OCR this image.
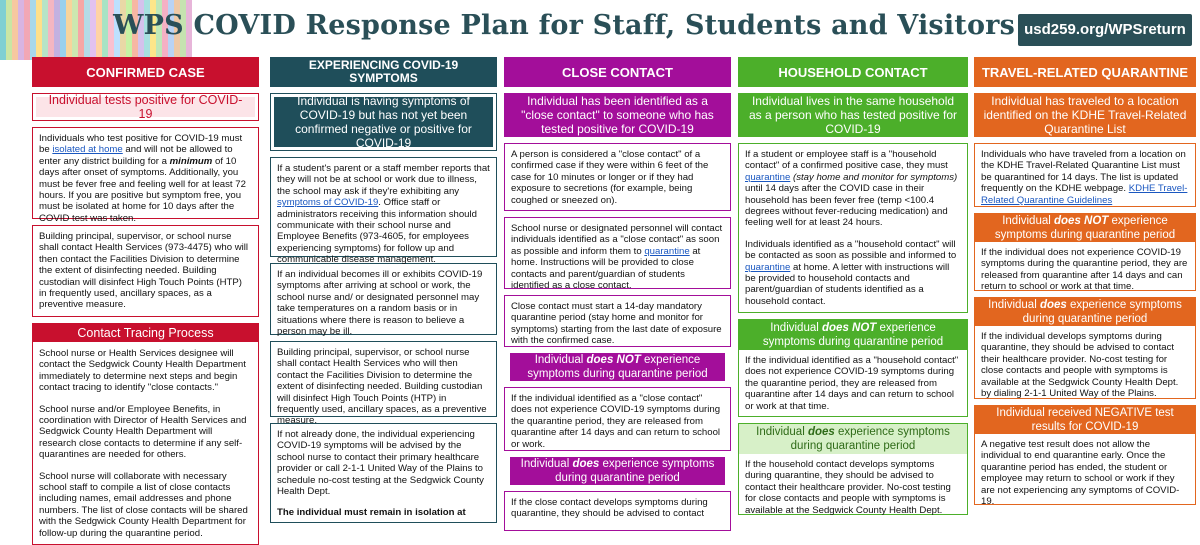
WPS COVID Response Plan for Staff, Students and Visitors usd259.org/WPSreturn
CONFIRMED CASE
Individual tests positive for COVID-19
Individuals who test positive for COVID-19 must be isolated at home and will not be allowed to enter any district building for a minimum of 10 days after onset of symptoms. Additionally, you must be fever free and feeling well for at least 72 hours. If you are positive but symptom free, you must be isolated at home for 10 days after the COVID test was taken.
Building principal, supervisor, or school nurse shall contact Health Services (973-4475) who will then contact the Facilities Division to determine the extent of disinfecting needed. Building custodian will disinfect High Touch Points (HTP) in frequently used, ancillary spaces, as a preventive measure.
Contact Tracing Process

School nurse or Health Services designee will contact the Sedgwick County Health Department immediately to determine next steps and begin contact tracing to identify "close contacts."

School nurse and/or Employee Benefits, in coordination with Director of Health Services and Sedgwick County Health Department will research close contacts to determine if any self-quarantines are needed for others.

School nurse will collaborate with necessary school staff to compile a list of close contacts including names, email addresses and phone numbers. The list of close contacts will be shared with the Sedgwick County Health Department for follow-up during the quarantine period.

EXPERIENCING COVID-19 SYMPTOMS
Individual is having symptoms of COVID-19 but has not yet been confirmed negative or positive for COVID-19
If a student's parent or a staff member reports that they will not be at school or work due to illness, the school may ask if they're exhibiting any symptoms of COVID-19. Office staff or administrators receiving this information should communicate with their school nurse and Employee Benefits (973-4605, for employees experiencing symptoms) for follow up and communicable disease management.
If an individual becomes ill or exhibits COVID-19 symptoms after arriving at school or work, the school nurse and/ or designated personnel may take temperatures on a random basis or in situations where there is reason to believe a person may be ill.
Building principal, supervisor, or school nurse shall contact Health Services who will then contact the Facilities Division to determine the extent of disinfecting needed. Building custodian will disinfect High Touch Points (HTP) in frequently used, ancillary spaces, as a preventive measure.

If not already done, the individual experiencing COVID-19 symptoms will be advised by the school nurse to contact their primary healthcare provider or call 2-1-1 United Way of the Plains to schedule no-cost testing at the Sedgwick County Health Dept.

The individual must remain in isolation at

CLOSE CONTACT
Individual has been identified as a "close contact" to someone who has tested positive for COVID-19
A person is considered a "close contact" of a confirmed case if they were within 6 feet of the case for 10 minutes or longer or if they had exposure to secretions (for example, being coughed or sneezed on).
School nurse or designated personnel will contact individuals identified as a "close contact" as soon as possible and inform them to quarantine at home. Instructions will be provided to close contacts and parent/guardian of students identified as a close contact.
Close contact must start a 14-day mandatory quarantine period (stay home and monitor for symptoms) starting from the last date of exposure with the confirmed case.
Individual does NOT experience symptoms during quarantine period
If the individual identified as a "close contact" does not experience COVID-19 symptoms during the quarantine period, they are released from quarantine after 14 days and can return to school or work.
Individual does experience symptoms during quarantine period
If the close contact develops symptoms during quarantine, they should be advised to contact
HOUSEHOLD CONTACT
Individual lives in the same household as a person who has tested positive for COVID-19

If a student or employee staff is a "household contact" of a confirmed positive case, they must quarantine (stay home and monitor for symptoms) until 14 days after the COVID case in their household has been fever free (temp <100.4 degrees without fever-reducing medication) and feeling well for at least 24 hours.

Individuals identified as a "household contact" will be contacted as soon as possible and informed to quarantine at home. A letter with instructions will be provided to household contacts and parent/guardian of students identified as a household contact.

Individual does NOT experience symptoms during quarantine period
If the individual identified as a "household contact" does not experience COVID-19 symptoms during the quarantine period, they are released from quarantine after 14 days and can return to school or work at that time.
Individual does experience symptoms during quarantine period
If the household contact develops symptoms during quarantine, they should be advised to contact their healthcare provider. No-cost testing for close contacts and people with symptoms is available at the Sedgwick County Health Dept.
TRAVEL-RELATED QUARANTINE
Individual has traveled to a location identified on the KDHE Travel-Related Quarantine List
Individuals who have traveled from a location on the KDHE Travel-Related Quarantine List must be quarantined for 14 days. The list is updated frequently on the KDHE webpage. KDHE Travel-Related Quarantine Guidelines
Individual does NOT experience symptoms during quarantine period
If the individual does not experience COVID-19 symptoms during the quarantine period, they are released from quarantine after 14 days and can return to school or work at that time.
Individual does experience symptoms during quarantine period
If the individual develops symptoms during quarantine, they should be advised to contact their healthcare provider. No-cost testing for close contacts and people with symptoms is available at the Sedgwick County Health Dept. by dialing 2-1-1 United Way of the Plains.
Individual received NEGATIVE test results for COVID-19
A negative test result does not allow the individual to end quarantine early. Once the quarantine period has ended, the student or employee may return to school or work if they are not experiencing any symptoms of COVID-19.
